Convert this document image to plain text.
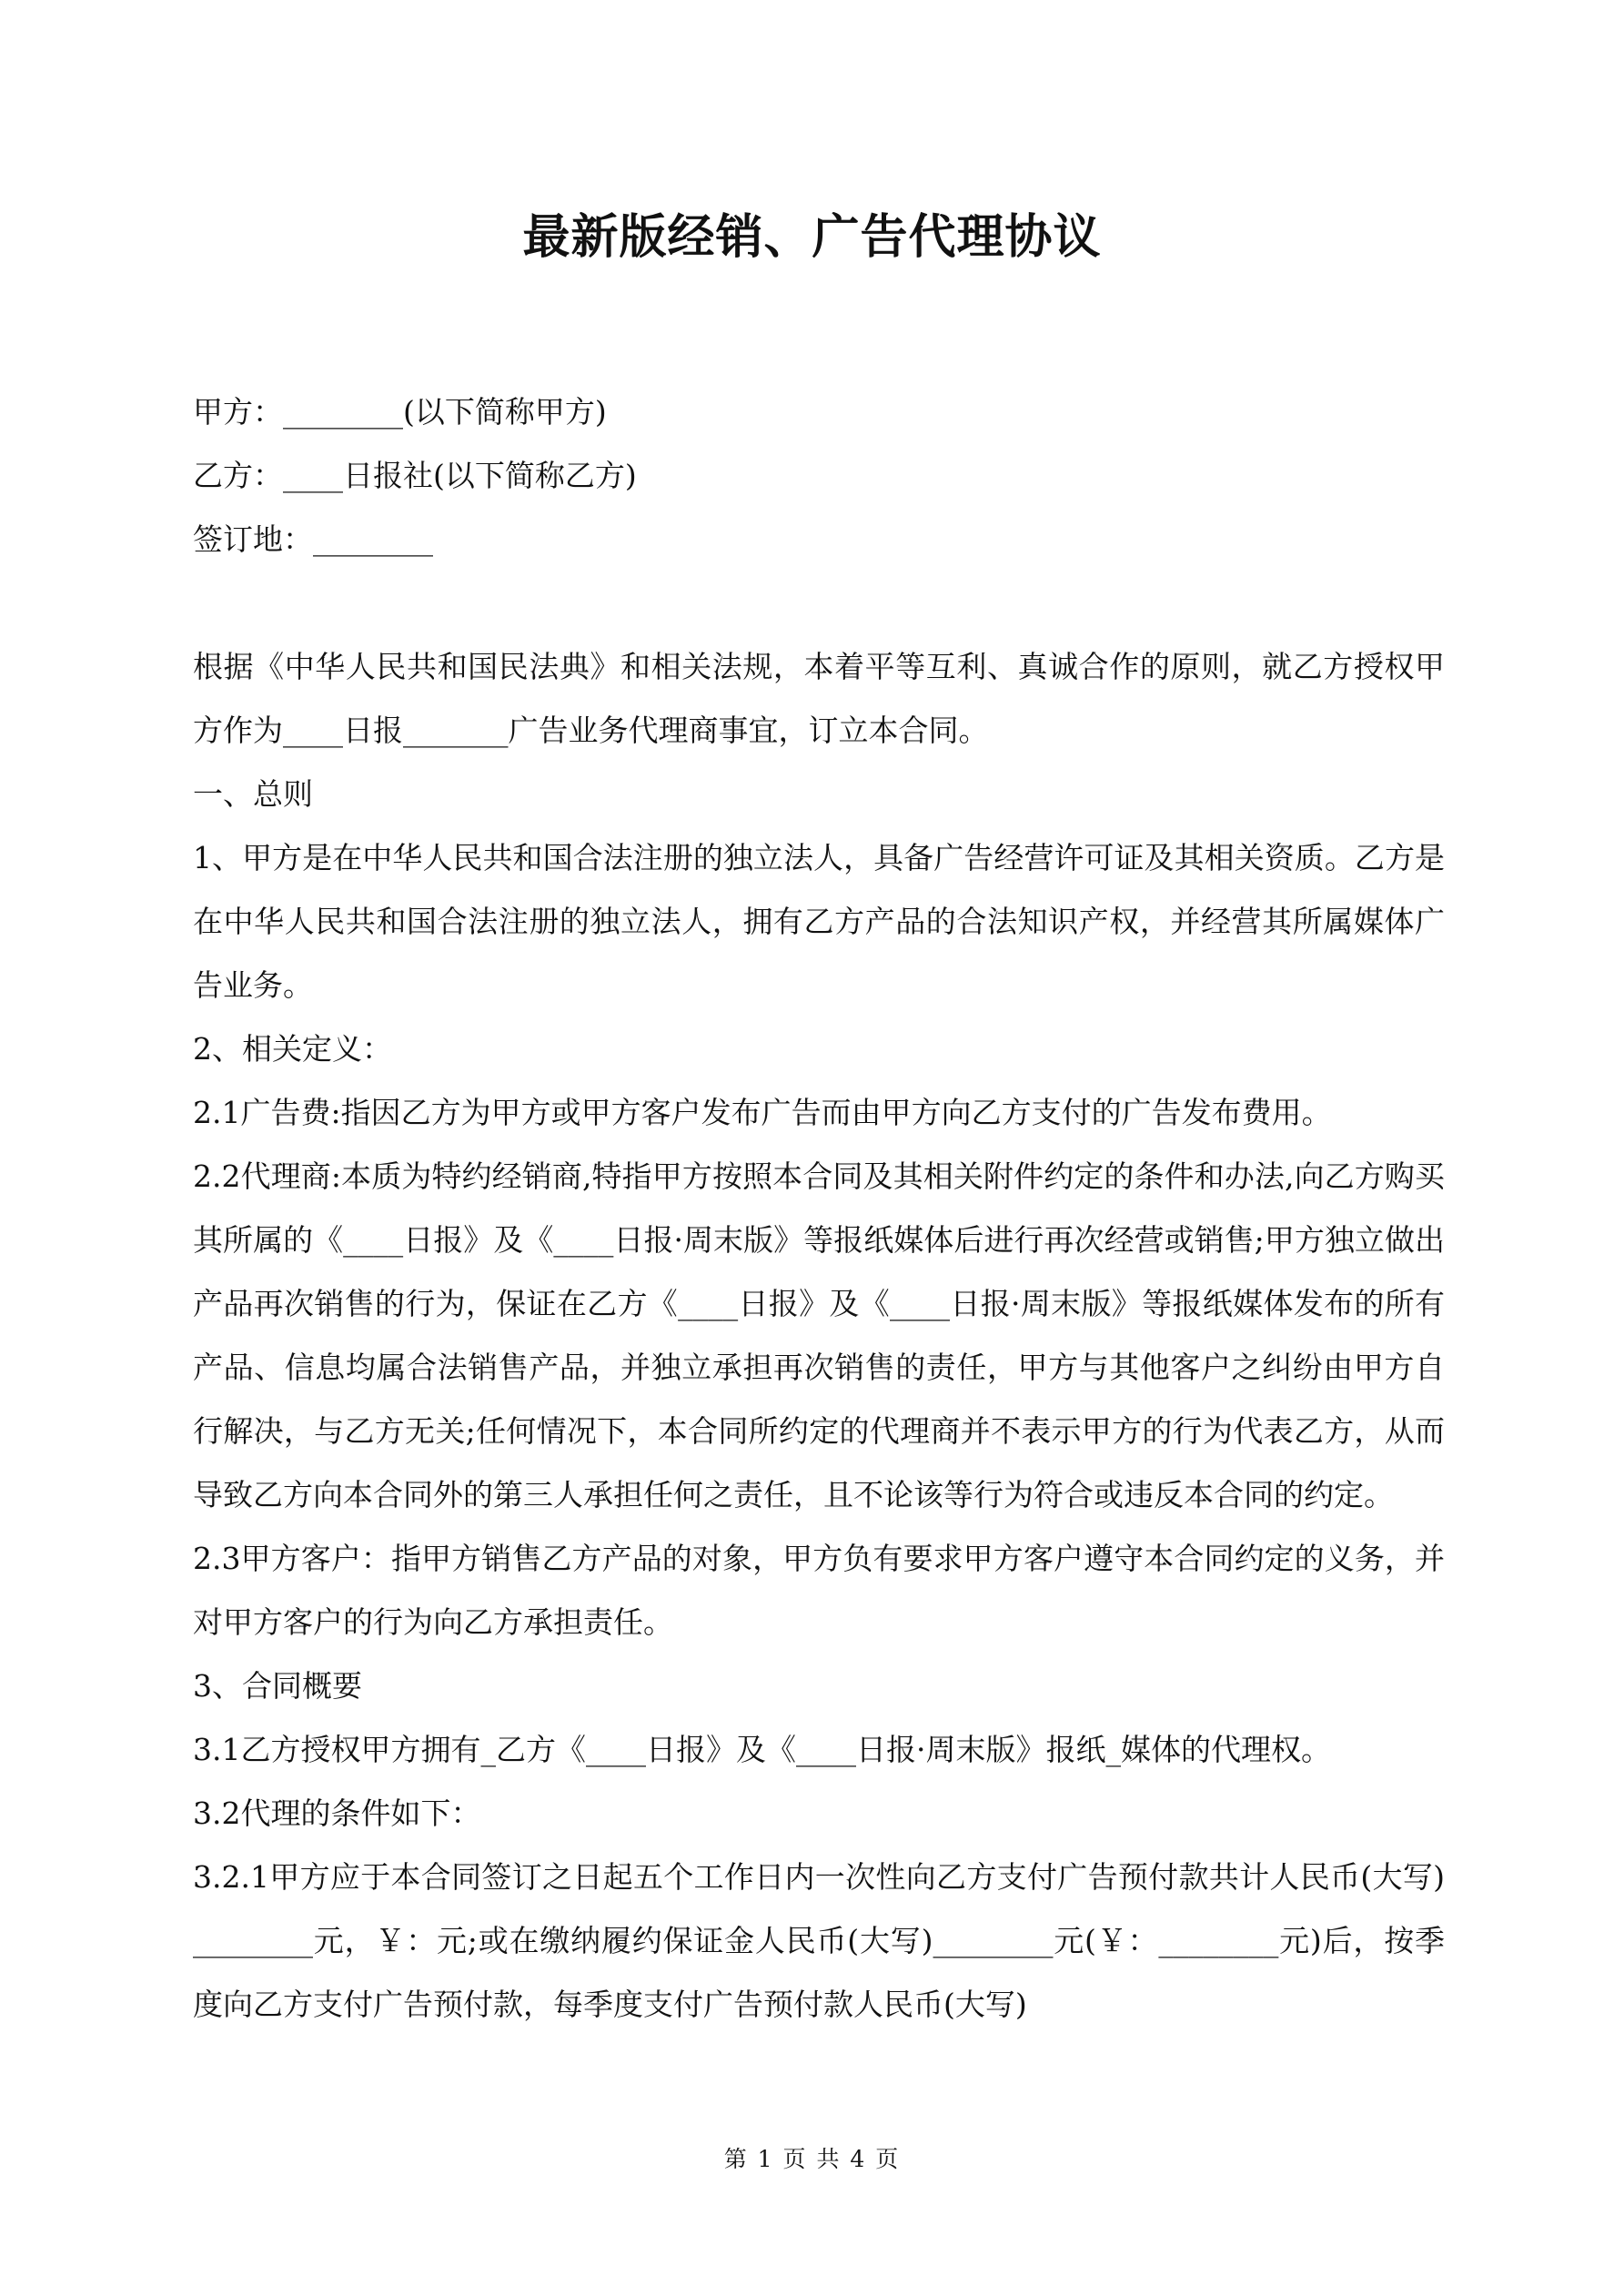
最新版经销、广告代理协议

甲方：________(以下简称甲方)

乙方：____日报社(以下简称乙方)

签订地：________

根据《中华人民共和国民法典》和相关法规，本着平等互利、真诚合作的原则，就乙方授权甲方作为____日报_______广告业务代理商事宜，订立本合同。

一、总则

1、甲方是在中华人民共和国合法注册的独立法人，具备广告经营许可证及其相关资质。乙方是在中华人民共和国合法注册的独立法人，拥有乙方产品的合法知识产权，并经营其所属媒体广告业务。

2、相关定义：

2.1广告费:指因乙方为甲方或甲方客户发布广告而由甲方向乙方支付的广告发布费用。

2.2代理商:本质为特约经销商,特指甲方按照本合同及其相关附件约定的条件和办法,向乙方购买其所属的《____日报》及《____日报·周末版》等报纸媒体后进行再次经营或销售;甲方独立做出产品再次销售的行为，保证在乙方《____日报》及《____日报·周末版》等报纸媒体发布的所有产品、信息均属合法销售产品，并独立承担再次销售的责任，甲方与其他客户之纠纷由甲方自行解决，与乙方无关;任何情况下，本合同所约定的代理商并不表示甲方的行为代表乙方，从而导致乙方向本合同外的第三人承担任何之责任，且不论该等行为符合或违反本合同的约定。

2.3甲方客户：指甲方销售乙方产品的对象，甲方负有要求甲方客户遵守本合同约定的义务，并对甲方客户的行为向乙方承担责任。

3、合同概要

3.1乙方授权甲方拥有_乙方《____日报》及《____日报·周末版》报纸_媒体的代理权。

3.2代理的条件如下：

3.2.1甲方应于本合同签订之日起五个工作日内一次性向乙方支付广告预付款共计人民币(大写)________元，￥：元;或在缴纳履约保证金人民币(大写)________元(￥：________元)后，按季度向乙方支付广告预付款，每季度支付广告预付款人民币(大写)

第 1 页 共 4 页
